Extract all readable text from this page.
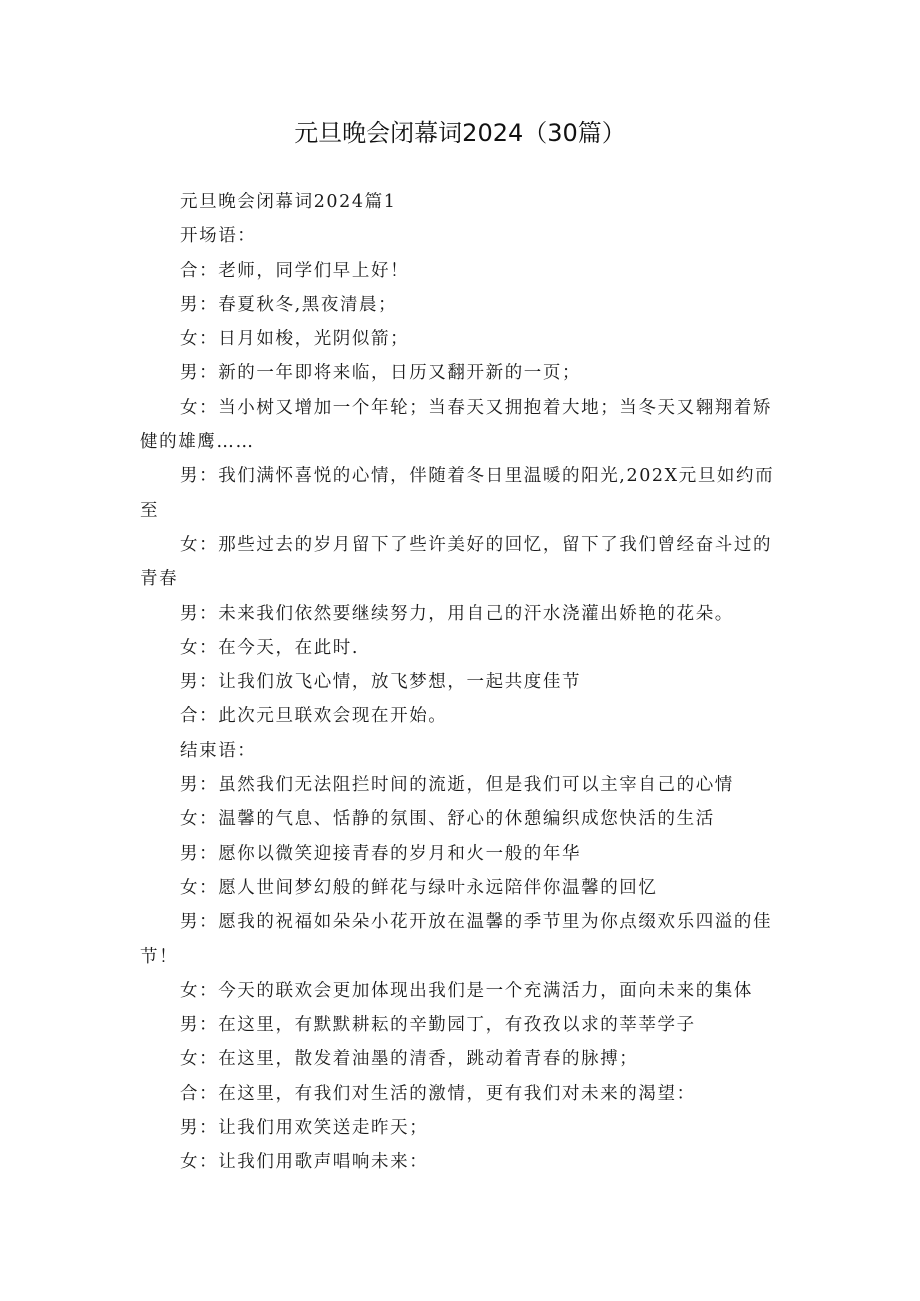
元旦晚会闭幕词2024（30篇）

元旦晚会闭幕词2024篇1

开场语：

合：老师，同学们早上好！

男：春夏秋冬,黑夜清晨；

女：日月如梭，光阴似箭；

男：新的一年即将来临，日历又翻开新的一页；

女：当小树又增加一个年轮；当春天又拥抱着大地；当冬天又翱翔着矫健的雄鹰……

男：我们满怀喜悦的心情，伴随着冬日里温暖的阳光,202X元旦如约而至

女：那些过去的岁月留下了些许美好的回忆，留下了我们曾经奋斗过的青春

男：未来我们依然要继续努力，用自己的汗水浇灌出娇艳的花朵。

女：在今天，在此时.

男：让我们放飞心情，放飞梦想，一起共度佳节

合：此次元旦联欢会现在开始。

结束语：

男：虽然我们无法阻拦时间的流逝，但是我们可以主宰自己的心情

女：温馨的气息、恬静的氛围、舒心的休憩编织成您快活的生活

男：愿你以微笑迎接青春的岁月和火一般的年华

女：愿人世间梦幻般的鲜花与绿叶永远陪伴你温馨的回忆

男：愿我的祝福如朵朵小花开放在温馨的季节里为你点缀欢乐四溢的佳节！

女：今天的联欢会更加体现出我们是一个充满活力，面向未来的集体

男：在这里，有默默耕耘的辛勤园丁，有孜孜以求的莘莘学子

女：在这里，散发着油墨的清香，跳动着青春的脉搏；

合：在这里，有我们对生活的激情，更有我们对未来的渴望：

男：让我们用欢笑送走昨天；

女：让我们用歌声唱响未来：
